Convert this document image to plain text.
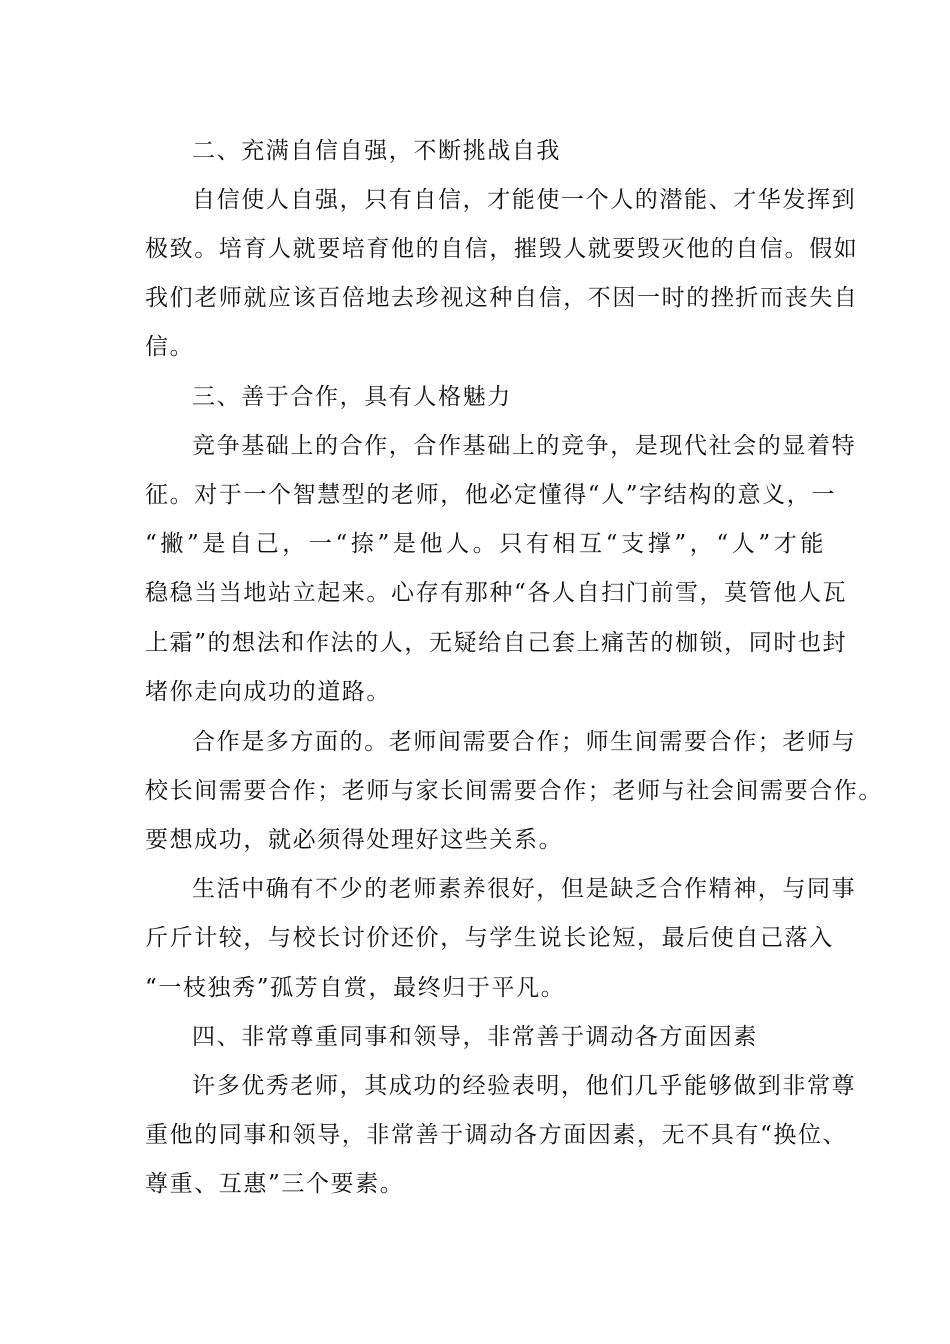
二、充满自信自强，不断挑战自我
自信使人自强，只有自信，才能使一个人的潜能、才华发挥到
极致。培育人就要培育他的自信，摧毁人就要毁灭他的自信。假如
我们老师就应该百倍地去珍视这种自信，不因一时的挫折而丧失自
信。
三、善于合作，具有人格魅力
竞争基础上的合作，合作基础上的竞争，是现代社会的显着特
征。对于一个智慧型的老师，他必定懂得“人”字结构的意义，一
“撇”是自己，一“捺”是他人。只有相互“支撑”，“人”才能
稳稳当当地站立起来。心存有那种“各人自扫门前雪，莫管他人瓦
上霜”的想法和作法的人，无疑给自己套上痛苦的枷锁，同时也封
堵你走向成功的道路。
合作是多方面的。老师间需要合作；师生间需要合作；老师与
校长间需要合作；老师与家长间需要合作；老师与社会间需要合作。
要想成功，就必须得处理好这些关系。
生活中确有不少的老师素养很好，但是缺乏合作精神，与同事
斤斤计较，与校长讨价还价，与学生说长论短，最后使自己落入
“一枝独秀”孤芳自赏，最终归于平凡。
四、非常尊重同事和领导，非常善于调动各方面因素
许多优秀老师，其成功的经验表明，他们几乎能够做到非常尊
重他的同事和领导，非常善于调动各方面因素，无不具有“换位、
尊重、互惠”三个要素。
